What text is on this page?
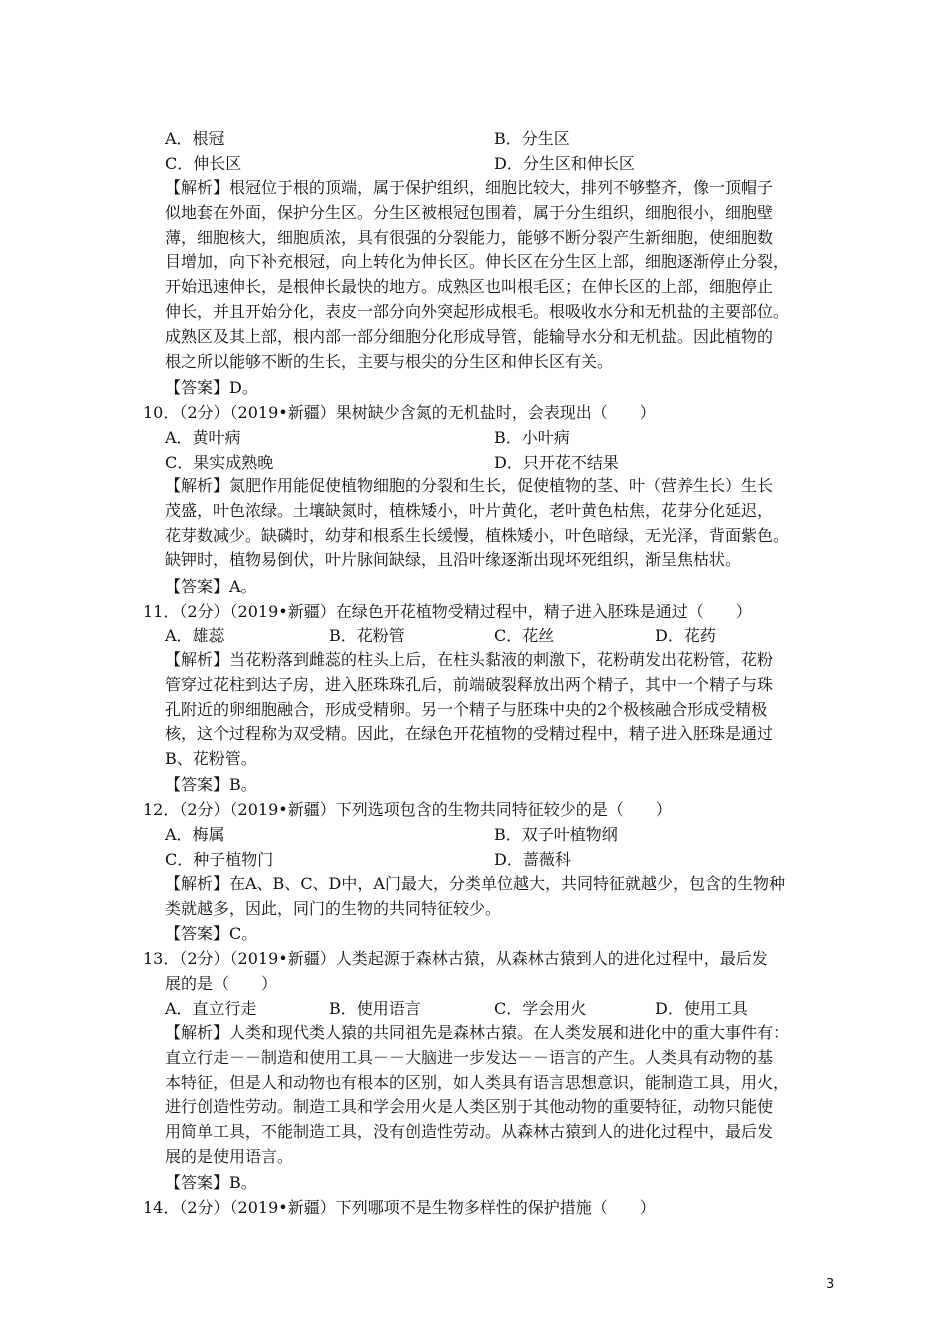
A．根冠	B．分生区
C．伸长区	D．分生区和伸长区

【解析】根冠位于根的顶端，属于保护组织，细胞比较大，排列不够整齐，像一顶帽子

似地套在外面，保护分生区。分生区被根冠包围着，属于分生组织，细胞很小，细胞壁

薄，细胞核大，细胞质浓，具有很强的分裂能力，能够不断分裂产生新细胞，使细胞数

目增加，向下补充根冠，向上转化为伸长区。伸长区在分生区上部，细胞逐渐停止分裂，

开始迅速伸长，是根伸长最快的地方。成熟区也叫根毛区；在伸长区的上部，细胞停止

伸长，并且开始分化，表皮一部分向外突起形成根毛。根吸收水分和无机盐的主要部位。

成熟区及其上部，根内部一部分细胞分化形成导管，能输导水分和无机盐。因此植物的

根之所以能够不断的生长，主要与根尖的分生区和伸长区有关。

【答案】D。
10．（2分）（2019•新疆）果树缺少含氮的无机盐时，会表现出（　　）
A．黄叶病	B．小叶病
C．果实成熟晚	D．只开花不结果

【解析】氮肥作用能促使植物细胞的分裂和生长，促使植物的茎、叶（营养生长）生长

茂盛，叶色浓绿。土壤缺氮时，植株矮小，叶片黄化，老叶黄色枯焦，花芽分化延迟，

花芽数减少。缺磷时，幼芽和根系生长缓慢，植株矮小，叶色暗绿，无光泽，背面紫色。

缺钾时，植物易倒伏，叶片脉间缺绿，且沿叶缘逐渐出现坏死组织，渐呈焦枯状。

【答案】A。
11．（2分）（2019•新疆）在绿色开花植物受精过程中，精子进入胚珠是通过（　　）
A．雄蕊	B．花粉管	C．花丝	D．花药

【解析】当花粉落到雌蕊的柱头上后，在柱头黏液的刺激下，花粉萌发出花粉管，花粉

管穿过花柱到达子房，进入胚珠珠孔后，前端破裂释放出两个精子，其中一个精子与珠

孔附近的卵细胞融合，形成受精卵。另一个精子与胚珠中央的2个极核融合形成受精极

核，这个过程称为双受精。因此，在绿色开花植物的受精过程中，精子进入胚珠是通过

B、花粉管。

【答案】B。
12．（2分）（2019•新疆）下列选项包含的生物共同特征较少的是（　　）
A．梅属	B．双子叶植物纲
C．种子植物门	D．蔷薇科

【解析】在A、B、C、D中，A门最大，分类单位越大，共同特征就越少，包含的生物种

类就越多，因此，同门的生物的共同特征较少。

【答案】C。
13．（2分）（2019•新疆）人类起源于森林古猿，从森林古猿到人的进化过程中，最后发
展的是（　　）
A．直立行走	B．使用语言	C．学会用火	D．使用工具

【解析】人类和现代类人猿的共同祖先是森林古猿。在人类发展和进化中的重大事件有：

直立行走－－制造和使用工具－－大脑进一步发达－－语言的产生。人类具有动物的基

本特征，但是人和动物也有根本的区别，如人类具有语言思想意识，能制造工具，用火，

进行创造性劳动。制造工具和学会用火是人类区别于其他动物的重要特征，动物只能使

用简单工具，不能制造工具，没有创造性劳动。从森林古猿到人的进化过程中，最后发

展的是使用语言。

【答案】B。
14．（2分）（2019•新疆）下列哪项不是生物多样性的保护措施（　　）
3
